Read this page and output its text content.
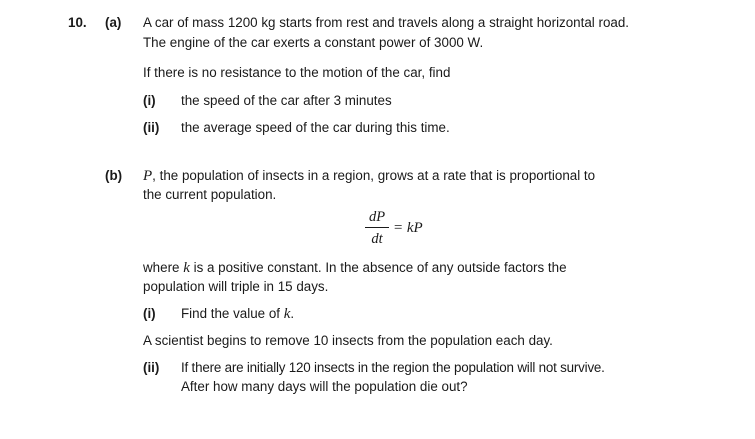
10. (a) A car of mass 1200 kg starts from rest and travels along a straight horizontal road.
The engine of the car exerts a constant power of 3000 W.
If there is no resistance to the motion of the car, find
(i) the speed of the car after 3 minutes
(ii) the average speed of the car during this time.
(b) P, the population of insects in a region, grows at a rate that is proportional to
the current population.
dP
dt
= kP
where k is a positive constant. In the absence of any outside factors the
population will triple in 15 days.
(i) Find the value of k.
A scientist begins to remove 10 insects from the population each day.
(ii) If there are initially 120 insects in the region the population will not survive.
After how many days will the population die out?
